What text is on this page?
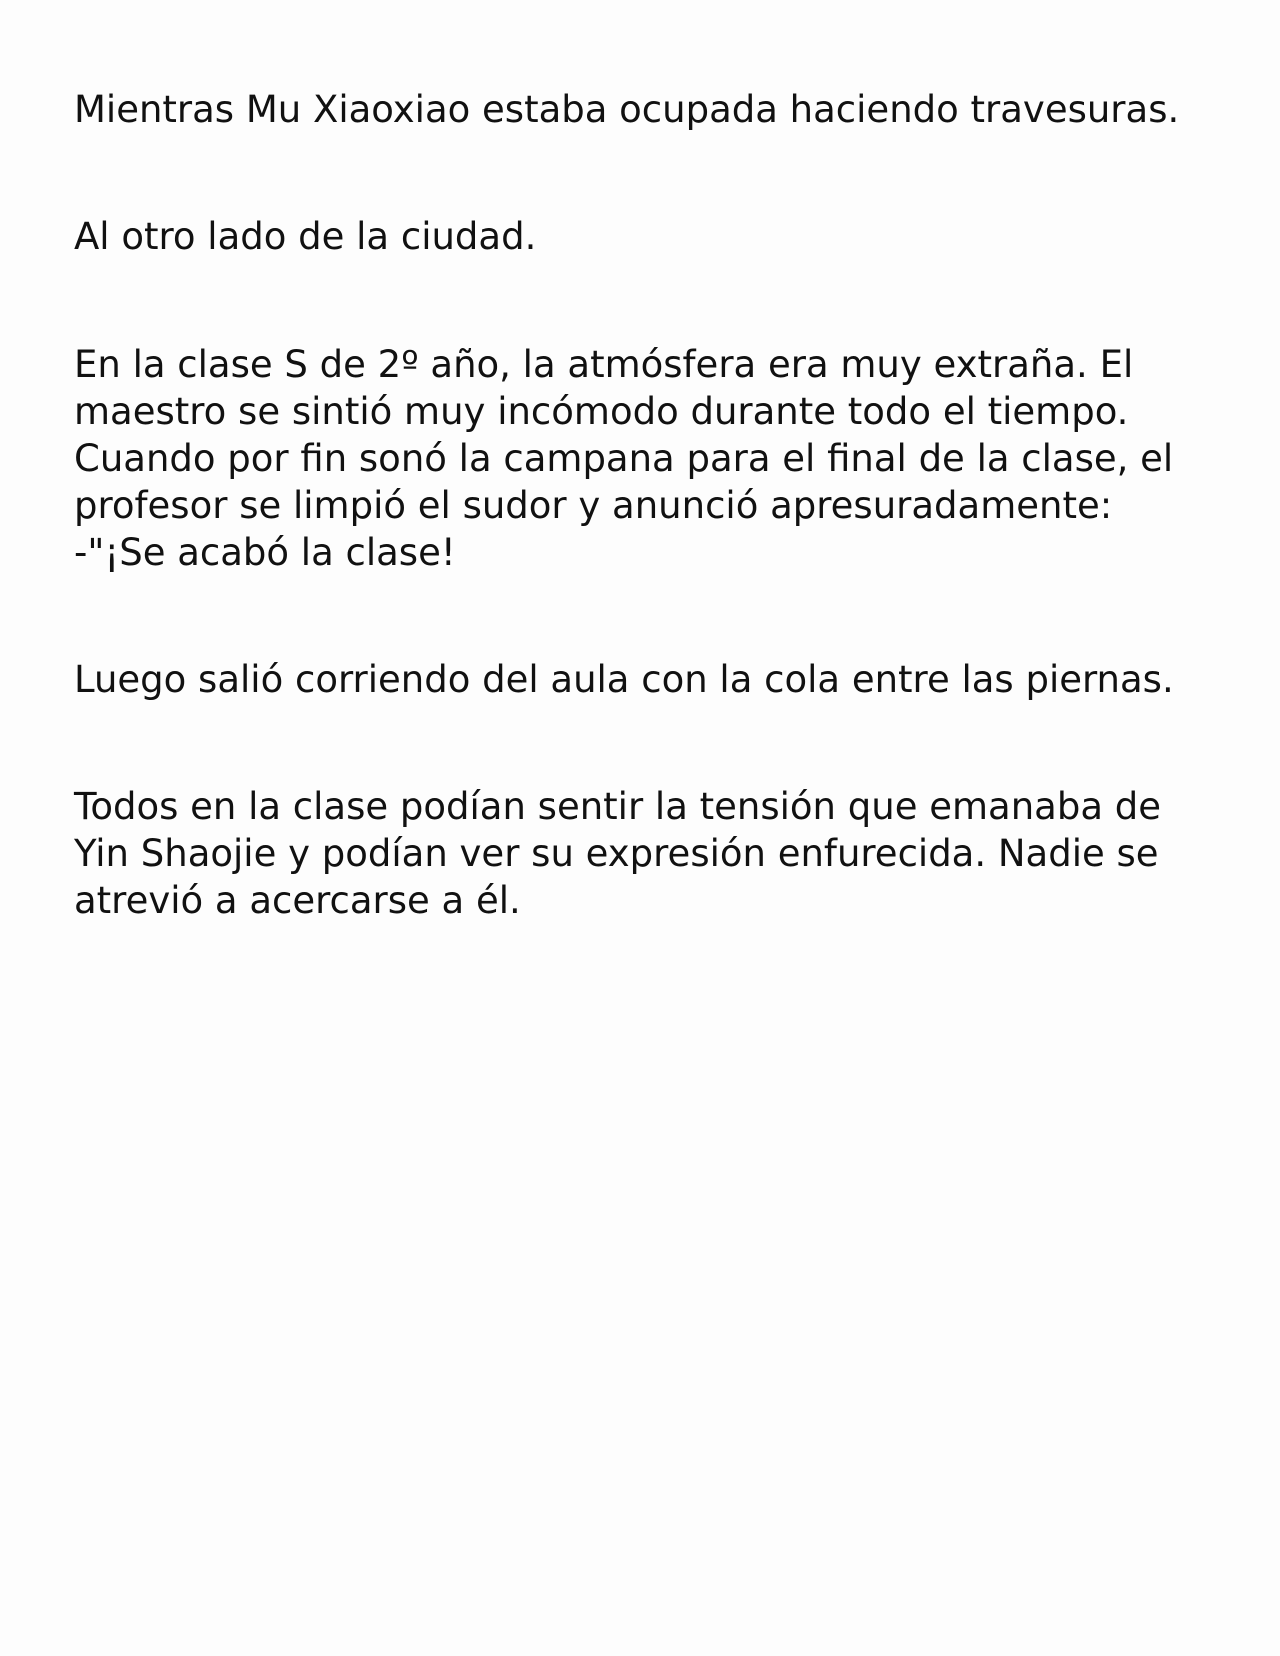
Mientras Mu Xiaoxiao estaba ocupada haciendo travesuras.

Al otro lado de la ciudad.

En la clase S de 2º año, la atmósfera era muy extraña. El
maestro se sintió muy incómodo durante todo el tiempo.
Cuando por fin sonó la campana para el final de la clase, el
profesor se limpió el sudor y anunció apresuradamente:
-"¡Se acabó la clase!

Luego salió corriendo del aula con la cola entre las piernas.

Todos en la clase podían sentir la tensión que emanaba de
Yin Shaojie y podían ver su expresión enfurecida. Nadie se
atrevió a acercarse a él.
